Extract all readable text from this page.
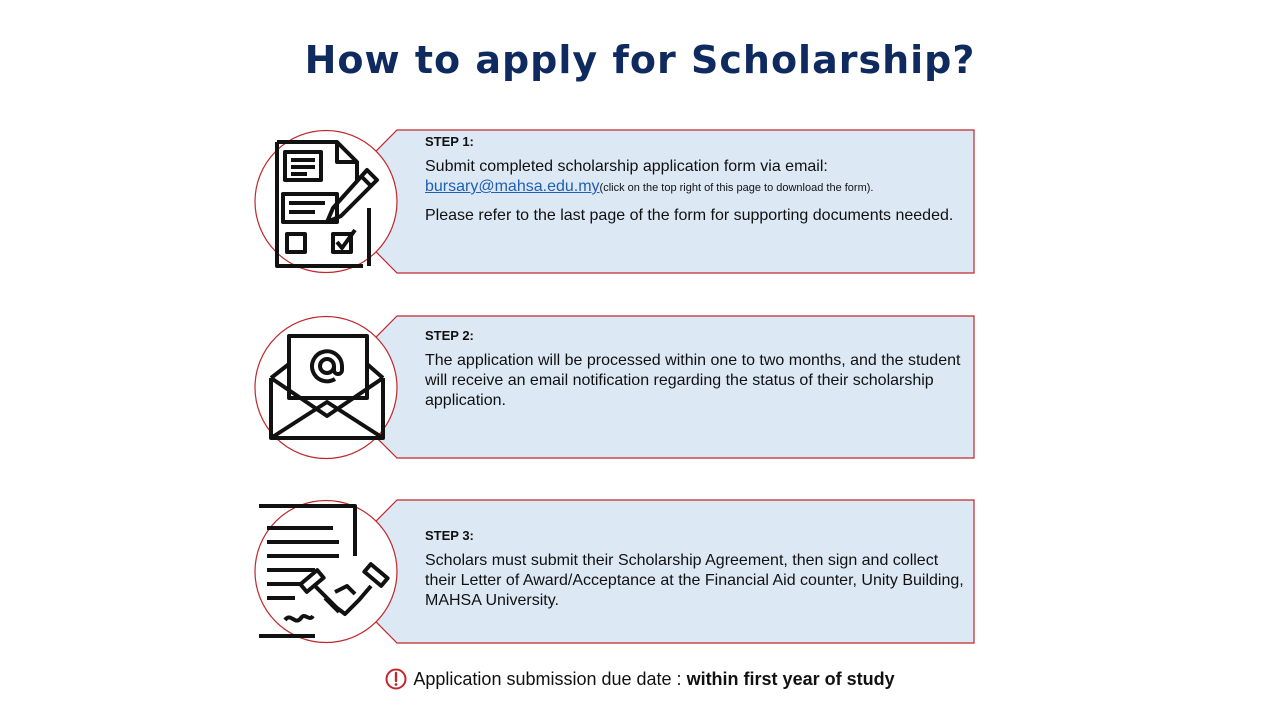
How to apply for Scholarship?
STEP 1:
Submit completed scholarship application form via email:
bursary@mahsa.edu.my(click on the top right of this page to download the form).
Please refer to the last page of the form for supporting documents needed.
STEP 2:
The application will be processed within one to two months, and the student will receive an email notification regarding the status of their scholarship application.
STEP 3:
Scholars must submit their Scholarship Agreement, then sign and collect their Letter of Award/Acceptance at the Financial Aid counter, Unity Building, MAHSA University.
Application submission due date : within first year of study
